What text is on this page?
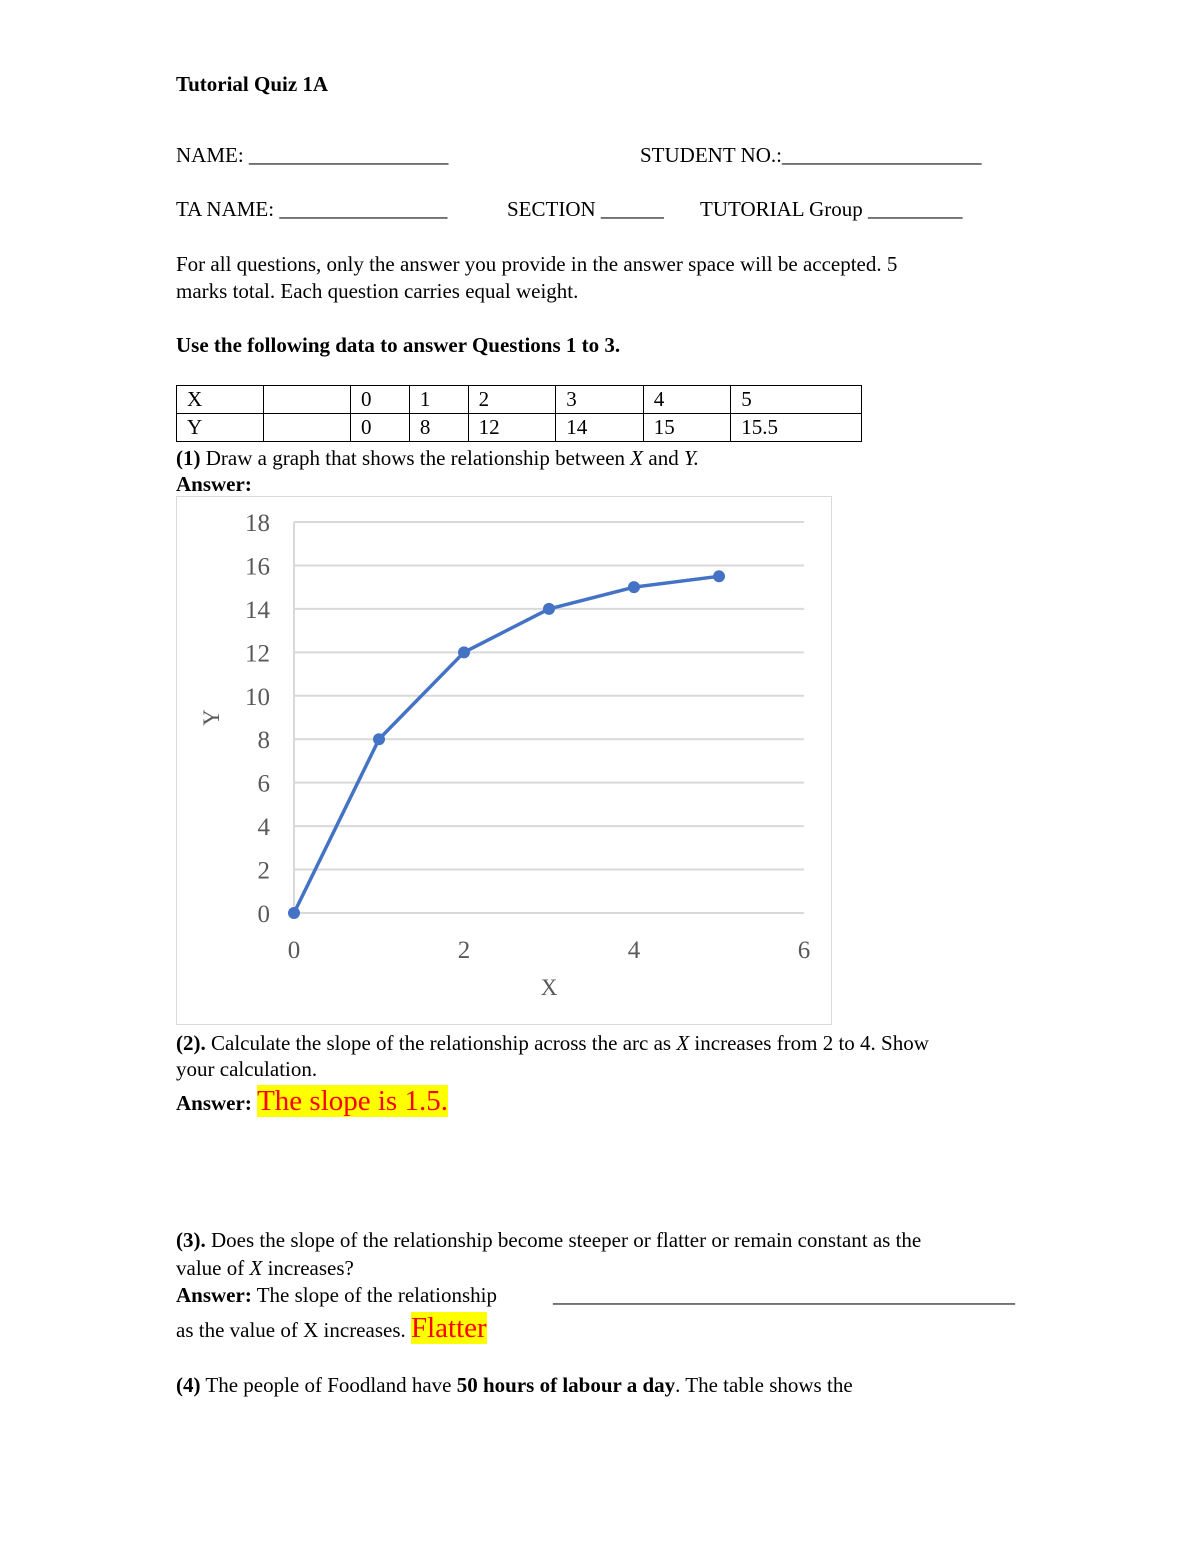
Tutorial Quiz 1A
NAME: ___________________	STUDENT NO.:___________________
TA NAME: ________________	SECTION ______ TUTORIAL Group _________
For all questions, only the answer you provide in the answer space will be accepted. 5
marks total. Each question carries equal weight.
Use the following data to answer Questions 1 to 3.
X		0	1	2	3	4	5
Y		0	8	12	14	15	15.5
(1) Draw a graph that shows the relationship between X and Y.
Answer:
0
2
4
6
8
10
12
14
16
18
0	2	4	6
Y
X
(2). Calculate the slope of the relationship across the arc as X increases from 2 to 4. Show
your calculation.
Answer: The slope is 1.5.
(3). Does the slope of the relationship become steeper or flatter or remain constant as the
value of X increases?
Answer: The slope of the relationship	____________________________________________
as the value of X increases. Flatter
(4) The people of Foodland have 50 hours of labour a day. The table shows the
